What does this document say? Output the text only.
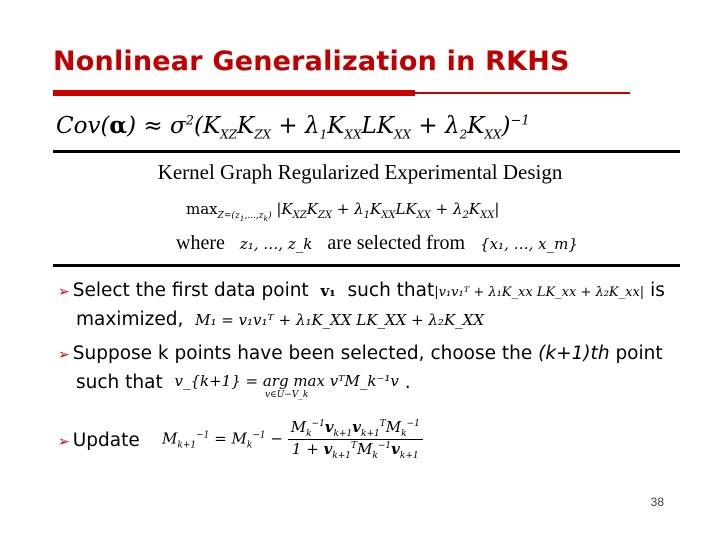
Nonlinear Generalization in RKHS
$Cov(\alpha) \approx \sigma^2(K_{XZ}K_{ZX} + \lambda_1K_{XX}LK_{XX} + \lambda_2K_{XX})^{-1}$
Kernel Graph Regularized Experimental Design
$\max_{Z=(z_1,...,z_k)} |K_{XZ}K_{ZX} + \lambda_1K_{XX}LK_{XX} + \lambda_2K_{XX}|$
where z₁, …, z_k are selected from {x₁, …, x_m}
➢ Select the first data point v₁ such that|v₁v₁ᵀ + λ₁K_xx LK_xx + λ₂K_xx| is
maximized, M₁ = v₁v₁ᵀ + λ₁K_XX LK_XX + λ₂K_XX
➢ Suppose k points have been selected, choose the (k+1)th point
such that v_{k+1} = arg max vᵀM_k⁻¹v
v∈U−V_k
.
➢ Update $M_{k+1}^{-1} = M_k^{-1} - \frac{M_k^{-1}v_{k+1}v_{k+1}^TM_k^{-1}}{1 + v_{k+1}^TM_k^{-1}v_{k+1}}$
38
